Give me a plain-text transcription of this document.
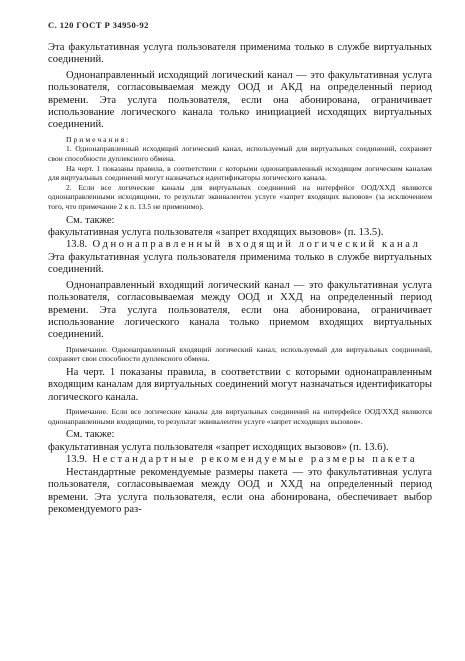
С. 120 ГОСТ Р 34950-92

Эта факультативная услуга пользователя применима только в службе виртуальных соединений.

Однонаправленный исходящий логический канал — это факультативная услуга пользователя, согласовываемая между ООД и АКД на определенный период времени. Эта услуга пользователя, если она абонирована, ограничивает использование логического канала только инициацией исходящих виртуальных соединений.

Примечания:

1. Однонаправленный исходящий логический канал, используемый для виртуальных соединений, сохраняет свои способности дуплексного обмена.

На черт. 1 показаны правила, в соответствии с которыми однонаправленный исходящим логическим каналам для виртуальных соединений могут назначаться идентификаторы логического канала.

2. Если все логические каналы для виртуальных соединений на интерфейсе ООД/ХХД являются однонаправленными исходящими, то результат эквивалентен услуге «запрет входящих вызовов» (за исключением того, что примечание 2 к п. 13.5 не применимо).

См. также:

факультативная услуга пользователя «запрет входящих вызовов» (п. 13.5).

13.8. Однонаправленный входящий логический канал

Эта факультативная услуга пользователя применима только в службе виртуальных соединений.

Однонаправленный входящий логический канал — это факультативная услуга пользователя, согласовываемая между ООД и ХХД на определенный период времени. Эта услуга пользователя, если она абонирована, ограничивает использование логического канала только приемом входящих виртуальных соединений.

Примечание. Однонаправленный входящий логический канал, используемый для виртуальных соединений, сохраняет свои способности дуплексного обмена.

На черт. 1 показаны правила, в соответствии с которыми однонаправленным входящим каналам для виртуальных соединений могут назначаться идентификаторы логического канала.

Примечание. Если все логические каналы для виртуальных соединений на интерфейсе ООД/ХХД являются однонаправленными входящими, то результат эквивалентен услуге «запрет исходящих вызовов».

См. также:

факультативная услуга пользователя «запрет исходящих вызовов» (п. 13.6).

13.9. Нестандартные рекомендуемые размеры пакета

Нестандартные рекомендуемые размеры пакета — это факультативная услуга пользователя, согласовываемая между ООД и ХХД на определенный период времени. Эта услуга пользователя, если она абонирована, обеспечивает выбор рекомендуемого раз-
